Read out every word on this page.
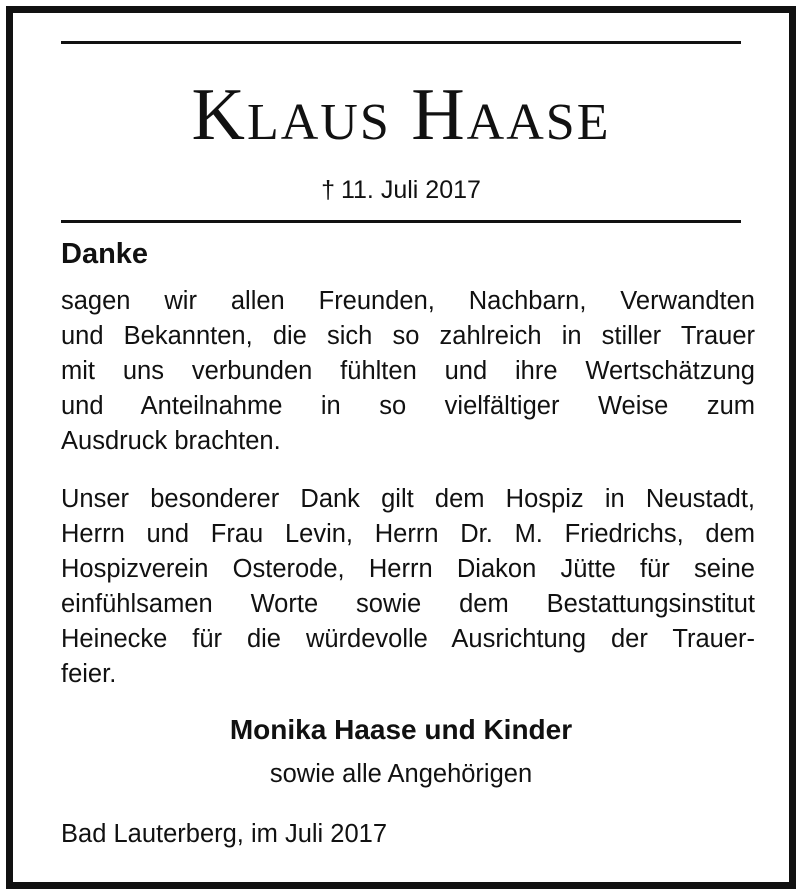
Klaus Haase
† 11. Juli 2017
Danke
sagen wir allen Freunden, Nachbarn, Verwandten
und Bekannten, die sich so zahlreich in stiller Trauer
mit uns verbunden fühlten und ihre Wertschätzung
und Anteilnahme in so vielfältiger Weise zum
Ausdruck brachten.
Unser besonderer Dank gilt dem Hospiz in Neustadt,
Herrn und Frau Levin, Herrn Dr. M. Friedrichs, dem
Hospizverein Osterode, Herrn Diakon Jütte für seine
einfühlsamen Worte sowie dem Bestattungsinstitut
Heinecke für die würdevolle Ausrichtung der Trauer-
feier.
Monika Haase und Kinder
sowie alle Angehörigen
Bad Lauterberg, im Juli 2017
